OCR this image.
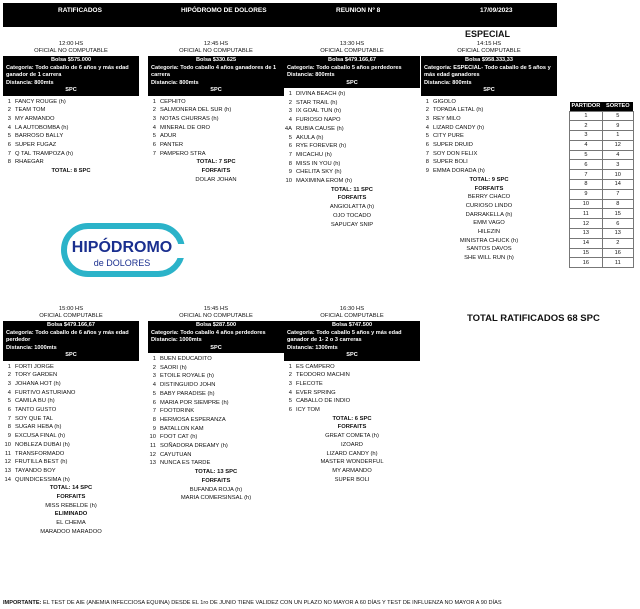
RATIFICADOS	HIPÓDROMO DE DOLORES	REUNION Nº 8	17/09/2023
ESPECIAL
12:00 HS
OFICIAL NO COMPUTABLE
Bolsa $575.000
Categoria: Todo caballo de 6 años y más edad ganador de 1 carrera
Distancia: 800mts
SPC
1 FANCY ROUGE (h)
2 TEAM TOM
3 MY ARMANDO
4 LA AUTOBOMBA (h)
5 BARROSO BALLY
6 SUPER FUGAZ
7 Q TAL TRAMPOZA (h)
8 RHAEGAR
TOTAL: 8 SPC
12:45 HS
OFICIAL NO COMPUTABLE
Bolsa $330.625
Categoria: Todo caballo 4 años ganadores de 1 carrera
Distancia: 800mts
SPC
1 CEPHITO
2 SALMONERA DEL SUR (h)
3 NOTAS CHURRAS (h)
4 MINERAL DE ORO
5 ADUR
6 PANTER
7 PAMPERO STRA
TOTAL: 7 SPC
FORFAITS
DOLAR JOHAN
13:30 HS
OFICIAL COMPUTABLE
Bolsa $479.166,67
Categoria: Todo caballo 5 años perdedores
Distancia: 800mts
SPC
1 DIVINA BEACH (h)
2 STAR TRAIL (h)
3 IX GOAL TUN (h)
4 FURIOSO NAPO
4A RUBIA CAUSE (h)
5 AKULA (h)
6 RYE FOREVER (h)
7 MICACHU (h)
8 MISS IN YOU (h)
9 CHELITA SKY (h)
10 MAXIMINA EROM (h)
TOTAL: 11 SPC
FORFAITS
ANGIOLATTA (h)
OJO TOCADO
SAPUCAY SNIP
14:15 HS
OFICIAL COMPUTABLE
Bolsa $958.333,33
Categoria: ESPECIAL- Todo caballo de 5 años y más edad ganadores
Distancia: 800mts
SPC
1 GIGOLO
2 TOPADA LETAL (h)
3 REY MILO
4 LIZARD CANDY (h)
5 CITY PURE
6 SUPER DRUID
7 SOY DON FELIX
8 SUPER BOLI
9 EMMA DORADA (h)
TOTAL: 9 SPC
FORFAITS
BERRY CHACO
CURIOSO LINDO
DARRAKELLA (h)
EMM VAGO
HILEZIN
MINISTRA CHUCK (h)
SANTOS DAVOS
SHE WILL RUN (h)
15:00 HS
OFICIAL COMPUTABLE
Bolsa $479.166,67
Categoria: Todo caballo de 6 años y más edad perdedor
Distancia: 1000mts
SPC
1 FORTI JORGE
2 TORY GARDEN
3 JOHANA HOT (h)
4 FURTIVO ASTURIANO
5 CAMILA BU (h)
6 TANTO GUSTO
7 SOY QUE TAL
8 SUGAR HEBA (h)
9 EXCUSA FINAL (h)
10 NOBLEZA DUBAI (h)
11 TRANSFORMADO
12 FRUTILLA BEST (h)
13 TAYANDO BOY
14 QUINDICESSIMA (h)
TOTAL: 14 SPC
FORFAITS
MISS REBELDE (h)
ELIMINADO
EL CHEMA
MARADOO MARADOO
15:45 HS
OFICIAL NO COMPUTABLE
Bolsa $287.500
Categoria: Todo caballo 4 años perdedores
Distancia: 1000mts
SPC
1 BUEN EDUCADITO
2 SAORI (h)
3 ETOILE ROYALE (h)
4 DISTINGUIDO JOHN
5 BABY PARADISE (h)
6 MARIA POR SIEMPRE (h)
7 FOOTDRINK
8 HERMOSA ESPERANZA
9 BATALLON KAM
10 FOOT CAT (h)
11 SOÑADORA DREAMY (h)
12 CAYUTUAN
13 NUNCA ES TARDE
TOTAL: 13 SPC
FORFAITS
BUFANDA ROJA (h)
MARIA COMERSINSAL (h)
16:30 HS
OFICIAL COMPUTABLE
Bolsa $747.500
Categoria: Todo caballo 5 años y más edad ganador de 1- 2 o 3 carreras
Distancia: 1300mts
SPC
1 ES CAMPERO
2 TEODORO MACHIN
3 FLECOTE
4 EVER SPRING
5 CABALLO DE INDIO
6 ICY TOM
TOTAL: 6 SPC
FORFAITS
GREAT COMETA (h)
IZOARD
LIZARD CANDY (h)
MASTER WONDERFUL
MY ARMANDO
SUPER BOLI
HIPÓDROMO
de DOLORES
TOTAL RATIFICADOS 68 SPC
PARTIDOR	SORTEO
1	5
2	9
3	1
4	12
5	4
6	3
7	10
8	14
9	7
10	8
11	15
12	6
13	13
14	2
15	16
16	11
IMPORTANTE: EL TEST DE AIE (ANEMIA INFECCIOSA EQUINA) DESDE EL 1ro DE JUNIO TIENE VALIDEZ CON UN PLAZO NO MAYOR A 60 DÍAS Y TEST DE INFLUENZA NO MAYOR A 90 DÍAS
